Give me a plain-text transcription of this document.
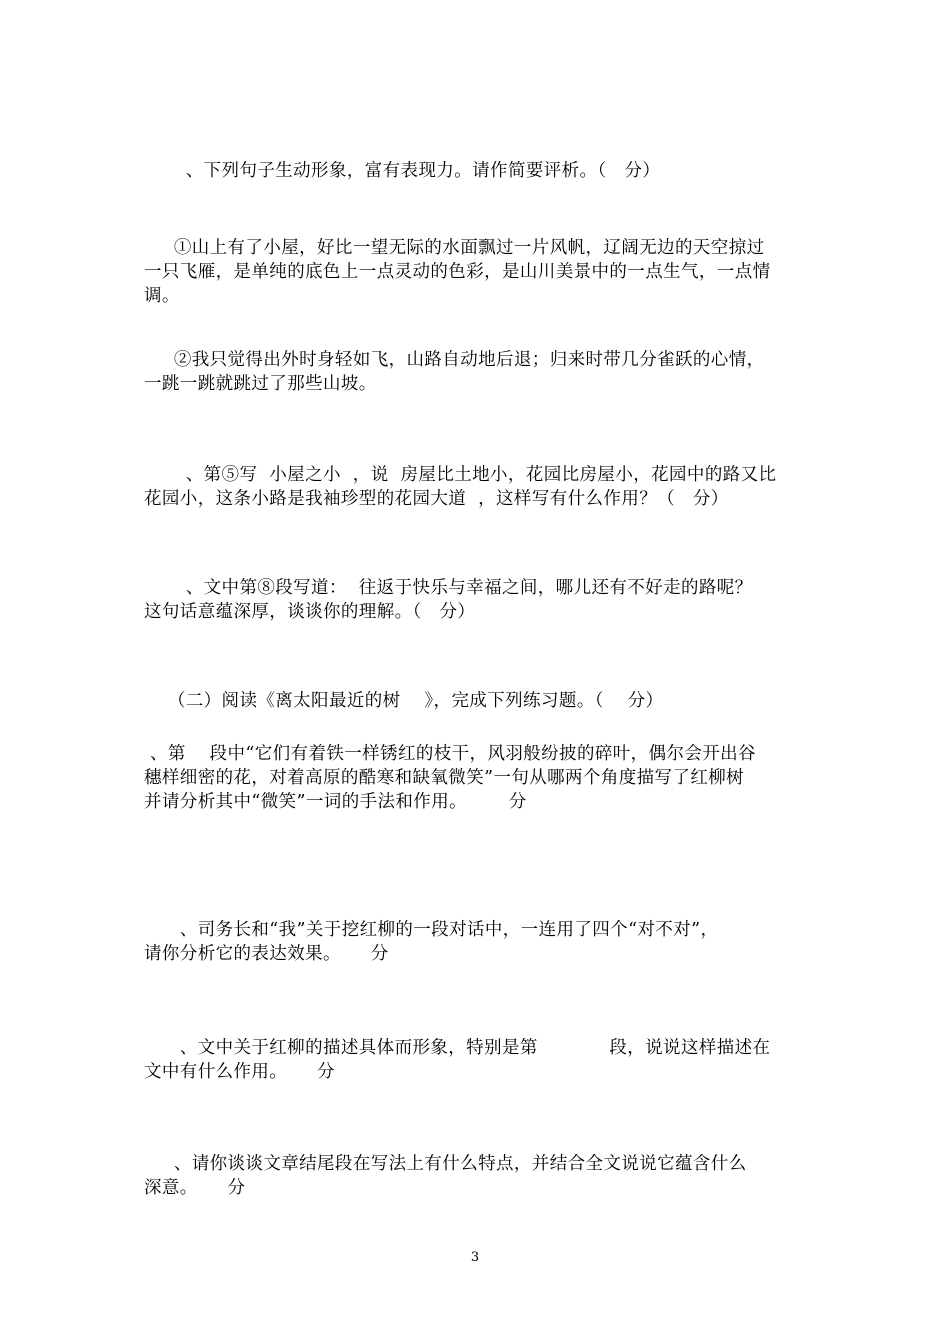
、下列句子生动形象，富有表现力。请作简要评析。（   分）
①山上有了小屋，好比一望无际的水面飘过一片风帆，辽阔无边的天空掠过
一只飞雁，是单纯的底色上一点灵动的色彩，是山川美景中的一点生气，一点情
调。
②我只觉得出外时身轻如飞，山路自动地后退；归来时带几分雀跃的心情，
一跳一跳就跳过了那些山坡。
、第⑤写  小屋之小  ，说  房屋比土地小，花园比房屋小，花园中的路又比
花园小，这条小路是我袖珍型的花园大道  ，这样写有什么作用？（   分）
、文中第⑧段写道：  往返于快乐与幸福之间，哪儿还有不好走的路呢？
这句话意蕴深厚，谈谈你的理解。（   分）
（二）阅读《离太阳最近的树    》，完成下列练习题。（    分）
、第    段中“它们有着铁一样锈红的枝干，风羽般纷披的碎叶，偶尔会开出谷
穗样细密的花，对着高原的酷寒和缺氧微笑”一句从哪两个角度描写了红柳树
并请分析其中“微笑”一词的手法和作用。       分
、司务长和“我”关于挖红柳的一段对话中，一连用了四个“对不对”，
请你分析它的表达效果。     分
、文中关于红柳的描述具体而形象，特别是第            段，说说这样描述在
文中有什么作用。     分
、请你谈谈文章结尾段在写法上有什么特点，并结合全文说说它蕴含什么
深意。     分
3
